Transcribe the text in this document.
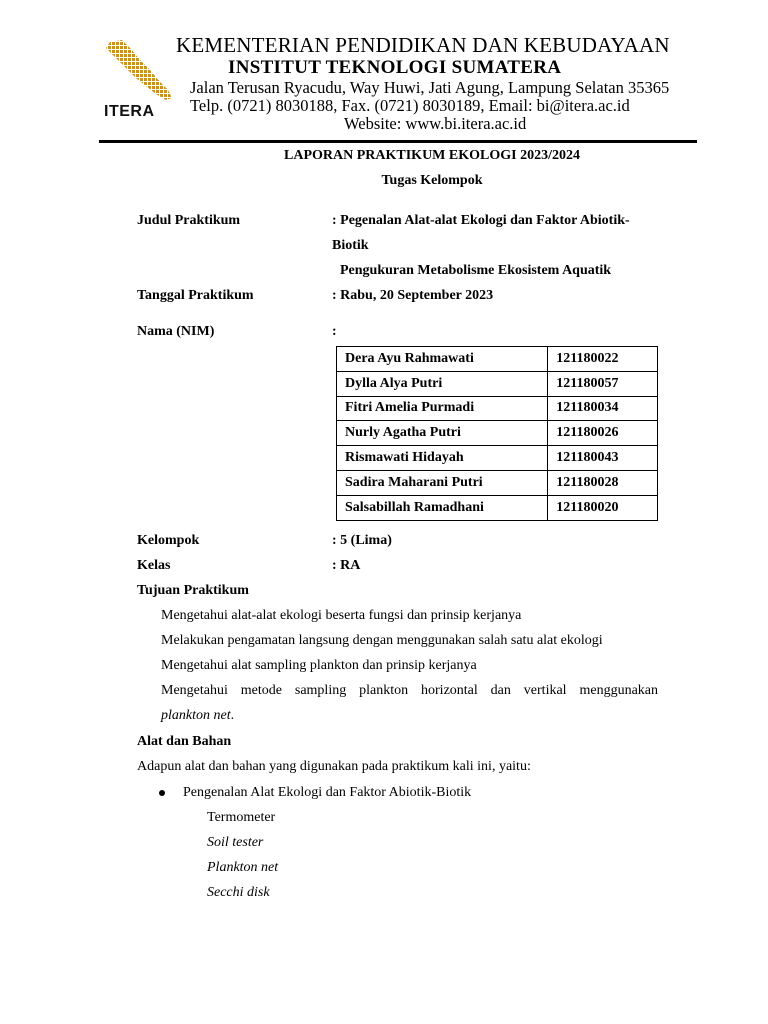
ITERA
KEMENTERIAN PENDIDIKAN DAN KEBUDAYAAN
INSTITUT TEKNOLOGI SUMATERA
Jalan Terusan Ryacudu, Way Huwi, Jati Agung, Lampung Selatan 35365
Telp. (0721) 8030188, Fax. (0721) 8030189, Email: bi@itera.ac.id
Website: www.bi.itera.ac.id
LAPORAN PRAKTIKUM EKOLOGI 2023/2024
Tugas Kelompok
Judul Praktikum	: Pegenalan Alat-alat Ekologi dan Faktor Abiotik-
Biotik
Pengukuran Metabolisme Ekosistem Aquatik
Tanggal Praktikum	: Rabu, 20 September 2023
Nama (NIM)	:
Dera Ayu Rahmawati	121180022
Dylla Alya Putri	121180057
Fitri Amelia Purmadi	121180034
Nurly Agatha Putri	121180026
Rismawati Hidayah	121180043
Sadira Maharani Putri	121180028
Salsabillah Ramadhani	121180020
Kelompok	: 5 (Lima)
Kelas	: RA
Tujuan Praktikum
Mengetahui alat-alat ekologi beserta fungsi dan prinsip kerjanya
Melakukan pengamatan langsung dengan menggunakan salah satu alat ekologi
Mengetahui alat sampling plankton dan prinsip kerjanya
Mengetahui metode sampling plankton horizontal dan vertikal menggunakan
plankton net.
Alat dan Bahan
Adapun alat dan bahan yang digunakan pada praktikum kali ini, yaitu:
Pengenalan Alat Ekologi dan Faktor Abiotik-Biotik
Termometer
Soil tester
Plankton net
Secchi disk
